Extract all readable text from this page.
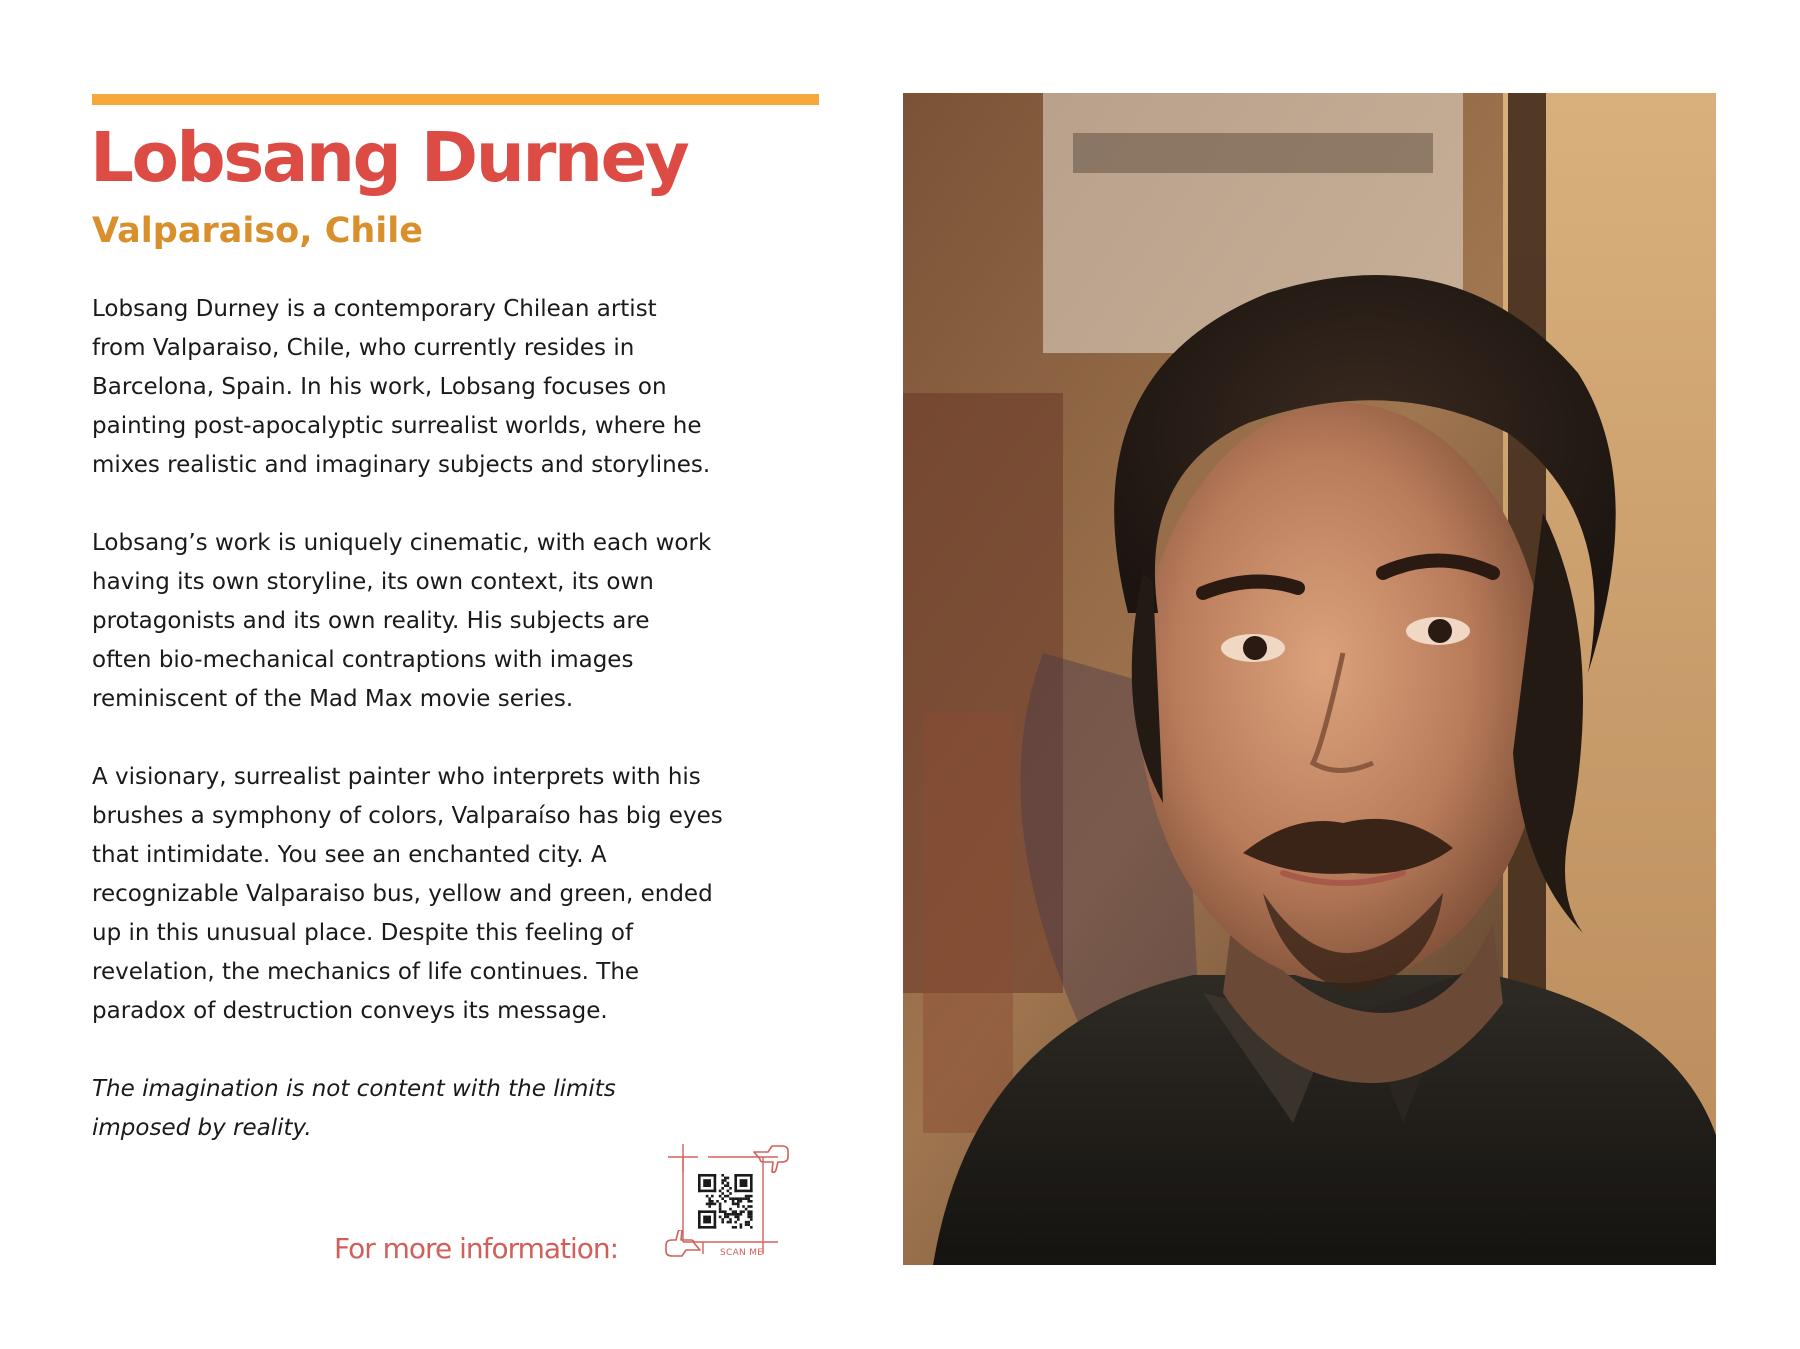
Lobsang Durney
Valparaiso, Chile

Lobsang Durney is a contemporary Chilean artist
from Valparaiso, Chile, who currently resides in
Barcelona, Spain. In his work, Lobsang focuses on
painting post-apocalyptic surrealist worlds, where he
mixes realistic and imaginary subjects and storylines.

Lobsang’s work is uniquely cinematic, with each work
having its own storyline, its own context, its own
protagonists and its own reality. His subjects are
often bio-mechanical contraptions with images
reminiscent of the Mad Max movie series.

A visionary, surrealist painter who interprets with his
brushes a symphony of colors, Valparaíso has big eyes
that intimidate. You see an enchanted city. A
recognizable Valparaiso bus, yellow and green, ended
up in this unusual place. Despite this feeling of
revelation, the mechanics of life continues. The
paradox of destruction conveys its message.

The imagination is not content with the limits
imposed by reality.

For more information:	SCAN ME
